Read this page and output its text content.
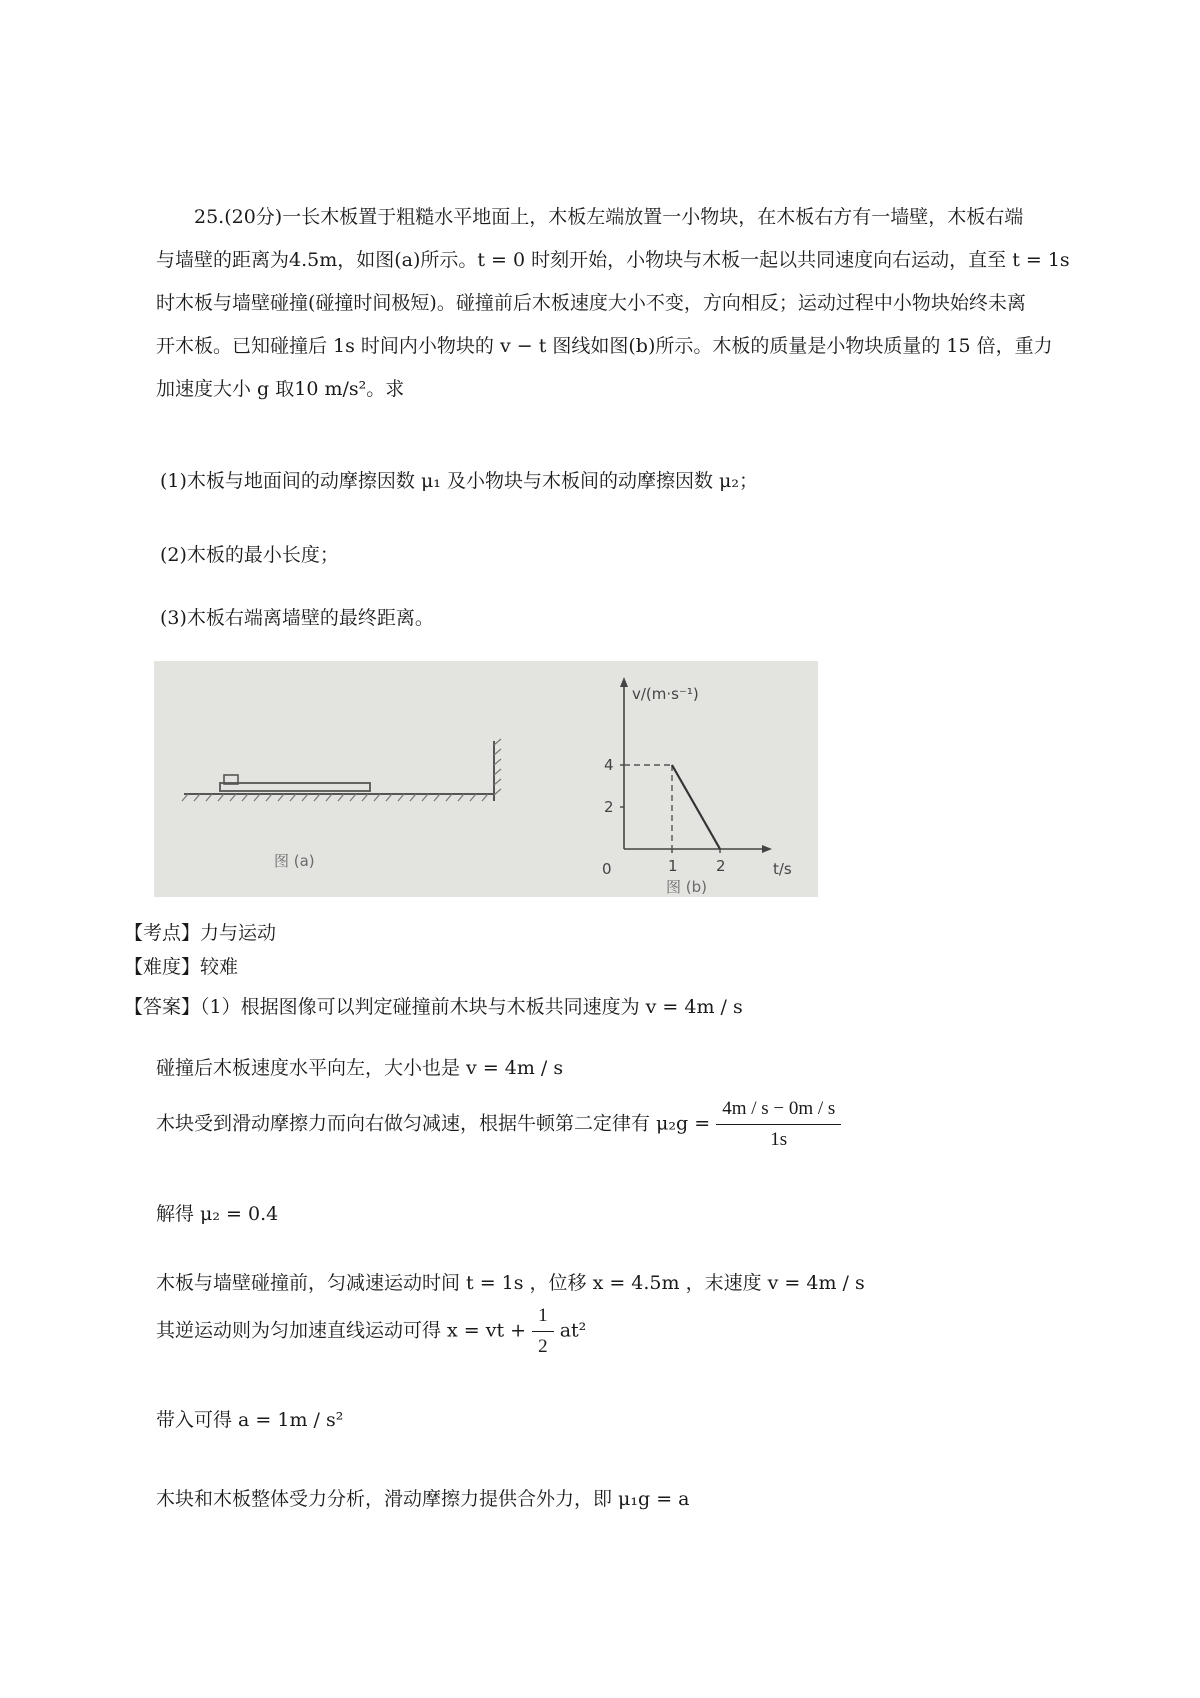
25.(20分)一长木板置于粗糙水平地面上，木板左端放置一小物块，在木板右方有一墙壁，木板右端

与墙壁的距离为4.5m，如图(a)所示。t = 0 时刻开始，小物块与木板一起以共同速度向右运动，直至 t = 1s

时木板与墙壁碰撞(碰撞时间极短)。碰撞前后木板速度大小不变，方向相反；运动过程中小物块始终未离

开木板。已知碰撞后 1s 时间内小物块的 v − t 图线如图(b)所示。木板的质量是小物块质量的 15 倍，重力

加速度大小 g 取10 m/s²。求

(1)木板与地面间的动摩擦因数 μ₁ 及小物块与木板间的动摩擦因数 μ₂；
(2)木板的最小长度；
(3)木板右端离墙壁的最终距离。
图 (a)
v/(m·s⁻¹)
t/s
0
2
4
1	2
图 (b)
【考点】力与运动
【难度】较难
【答案】（1）根据图像可以判定碰撞前木块与木板共同速度为 v = 4m / s
碰撞后木板速度水平向左，大小也是 v = 4m / s
木块受到滑动摩擦力而向右做匀减速，根据牛顿第二定律有 $\mu_2g = \frac{4m / s - 0m / s}{1s}$
解得 μ₂ = 0.4
木板与墙壁碰撞前，匀减速运动时间 t = 1s ，位移 x = 4.5m ，末速度 v = 4m / s
其逆运动则为匀加速直线运动可得 x = vt + $\frac{1}{2} at^2$
带入可得 a = 1m / s²
木块和木板整体受力分析，滑动摩擦力提供合外力，即 μ₁g = a
